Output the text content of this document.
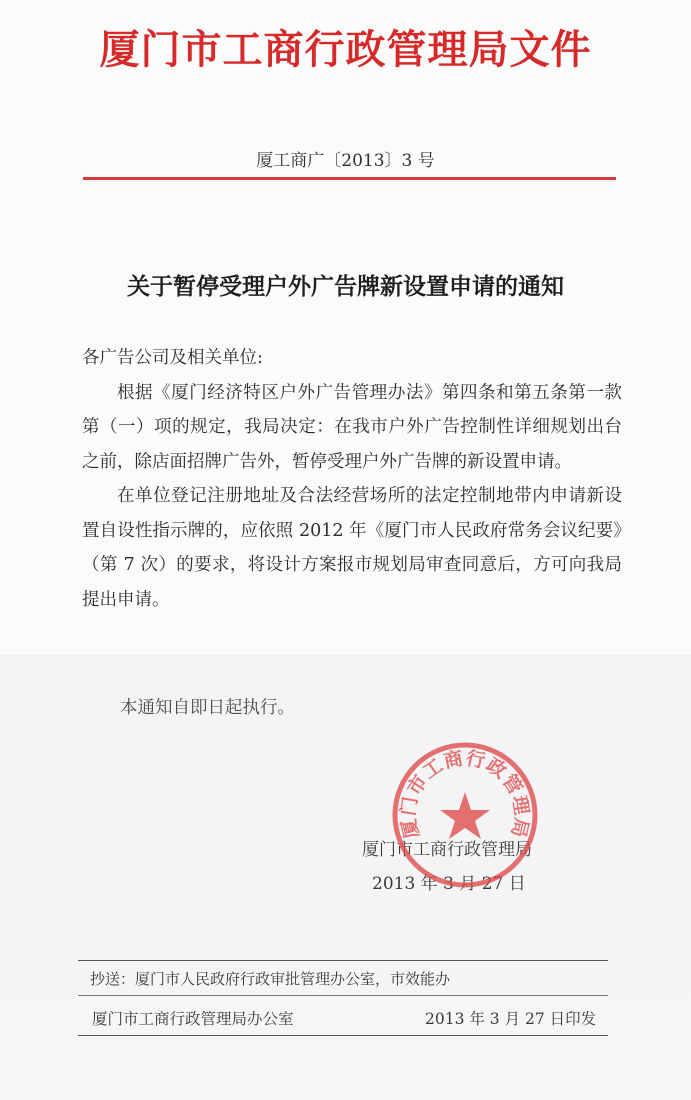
厦门市工商行政管理局文件
厦工商广〔2013〕3 号
关于暂停受理户外广告牌新设置申请的通知

各广告公司及相关单位:

根据《厦门经济特区户外广告管理办法》第四条和第五条第一款第（一）项的规定，我局决定：在我市户外广告控制性详细规划出台之前，除店面招牌广告外，暂停受理户外广告牌的新设置申请。

在单位登记注册地址及合法经营场所的法定控制地带内申请新设置自设性指示牌的，应依照 2012 年《厦门市人民政府常务会议纪要》（第 7 次）的要求，将设计方案报市规划局审查同意后，方可向我局提出申请。

本通知自即日起执行。
厦门市工商行政管理局
2013 年 3 月 27 日
厦门市工商行政管理局
抄送：厦门市人民政府行政审批管理办公室，市效能办
厦门市工商行政管理局办公室	2013 年 3 月 27 日印发
